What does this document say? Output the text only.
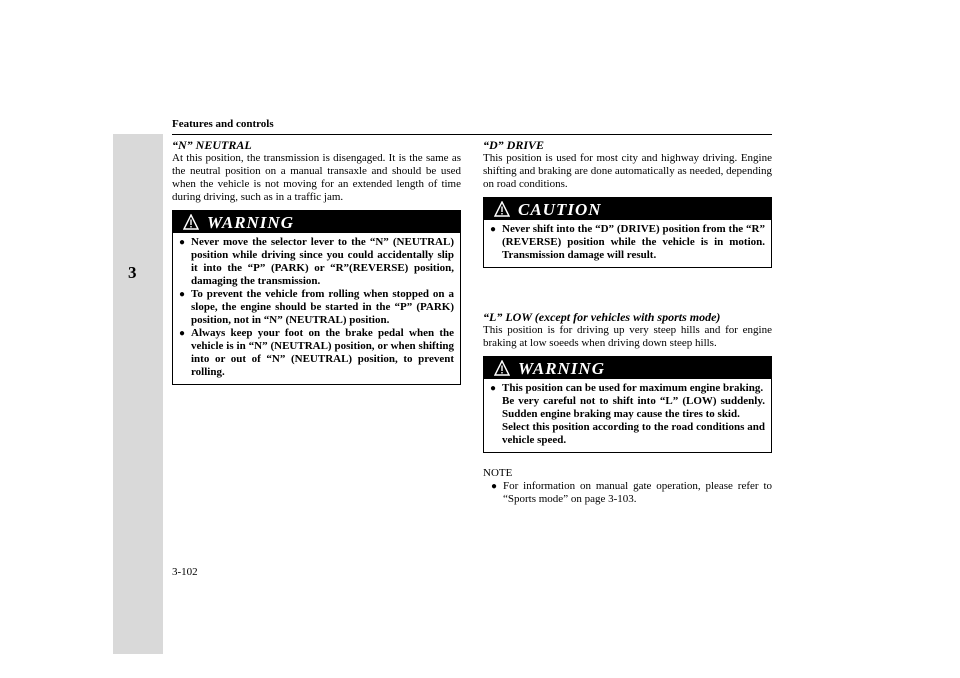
3
Features and controls
“N” NEUTRAL
At this position, the transmission is disengaged. It is the same as the neutral position on a manual transaxle and should be used when the vehicle is not moving for an extended length of time during driving, such as in a traffic jam.
WARNING
● Never move the selector lever to the “N” (NEUTRAL) position while driving since you could accidentally slip it into the “P” (PARK) or “R”(REVERSE) position, damaging the transmission.
● To prevent the vehicle from rolling when stopped on a slope, the engine should be started in the “P” (PARK) position, not in “N” (NEUTRAL) position.
● Always keep your foot on the brake pedal when the vehicle is in “N” (NEUTRAL) position, or when shifting into or out of “N” (NEUTRAL) position, to prevent rolling.
“D” DRIVE
This position is used for most city and highway driving. Engine shifting and braking are done automatically as needed, depending on road conditions.
CAUTION
● Never shift into the “D” (DRIVE) position from the “R” (REVERSE) position while the vehicle is in motion. Transmission damage will result.
“L” LOW (except for vehicles with sports mode)
This position is for driving up very steep hills and for engine braking at low soeeds when driving down steep hills.
WARNING
● This position can be used for maximum engine braking.
Be very careful not to shift into “L” (LOW) suddenly. Sudden engine braking may cause the tires to skid.
Select this position according to the road conditions and vehicle speed.
NOTE
● For information on manual gate operation, please refer to “Sports mode” on page 3-103.
3-102
